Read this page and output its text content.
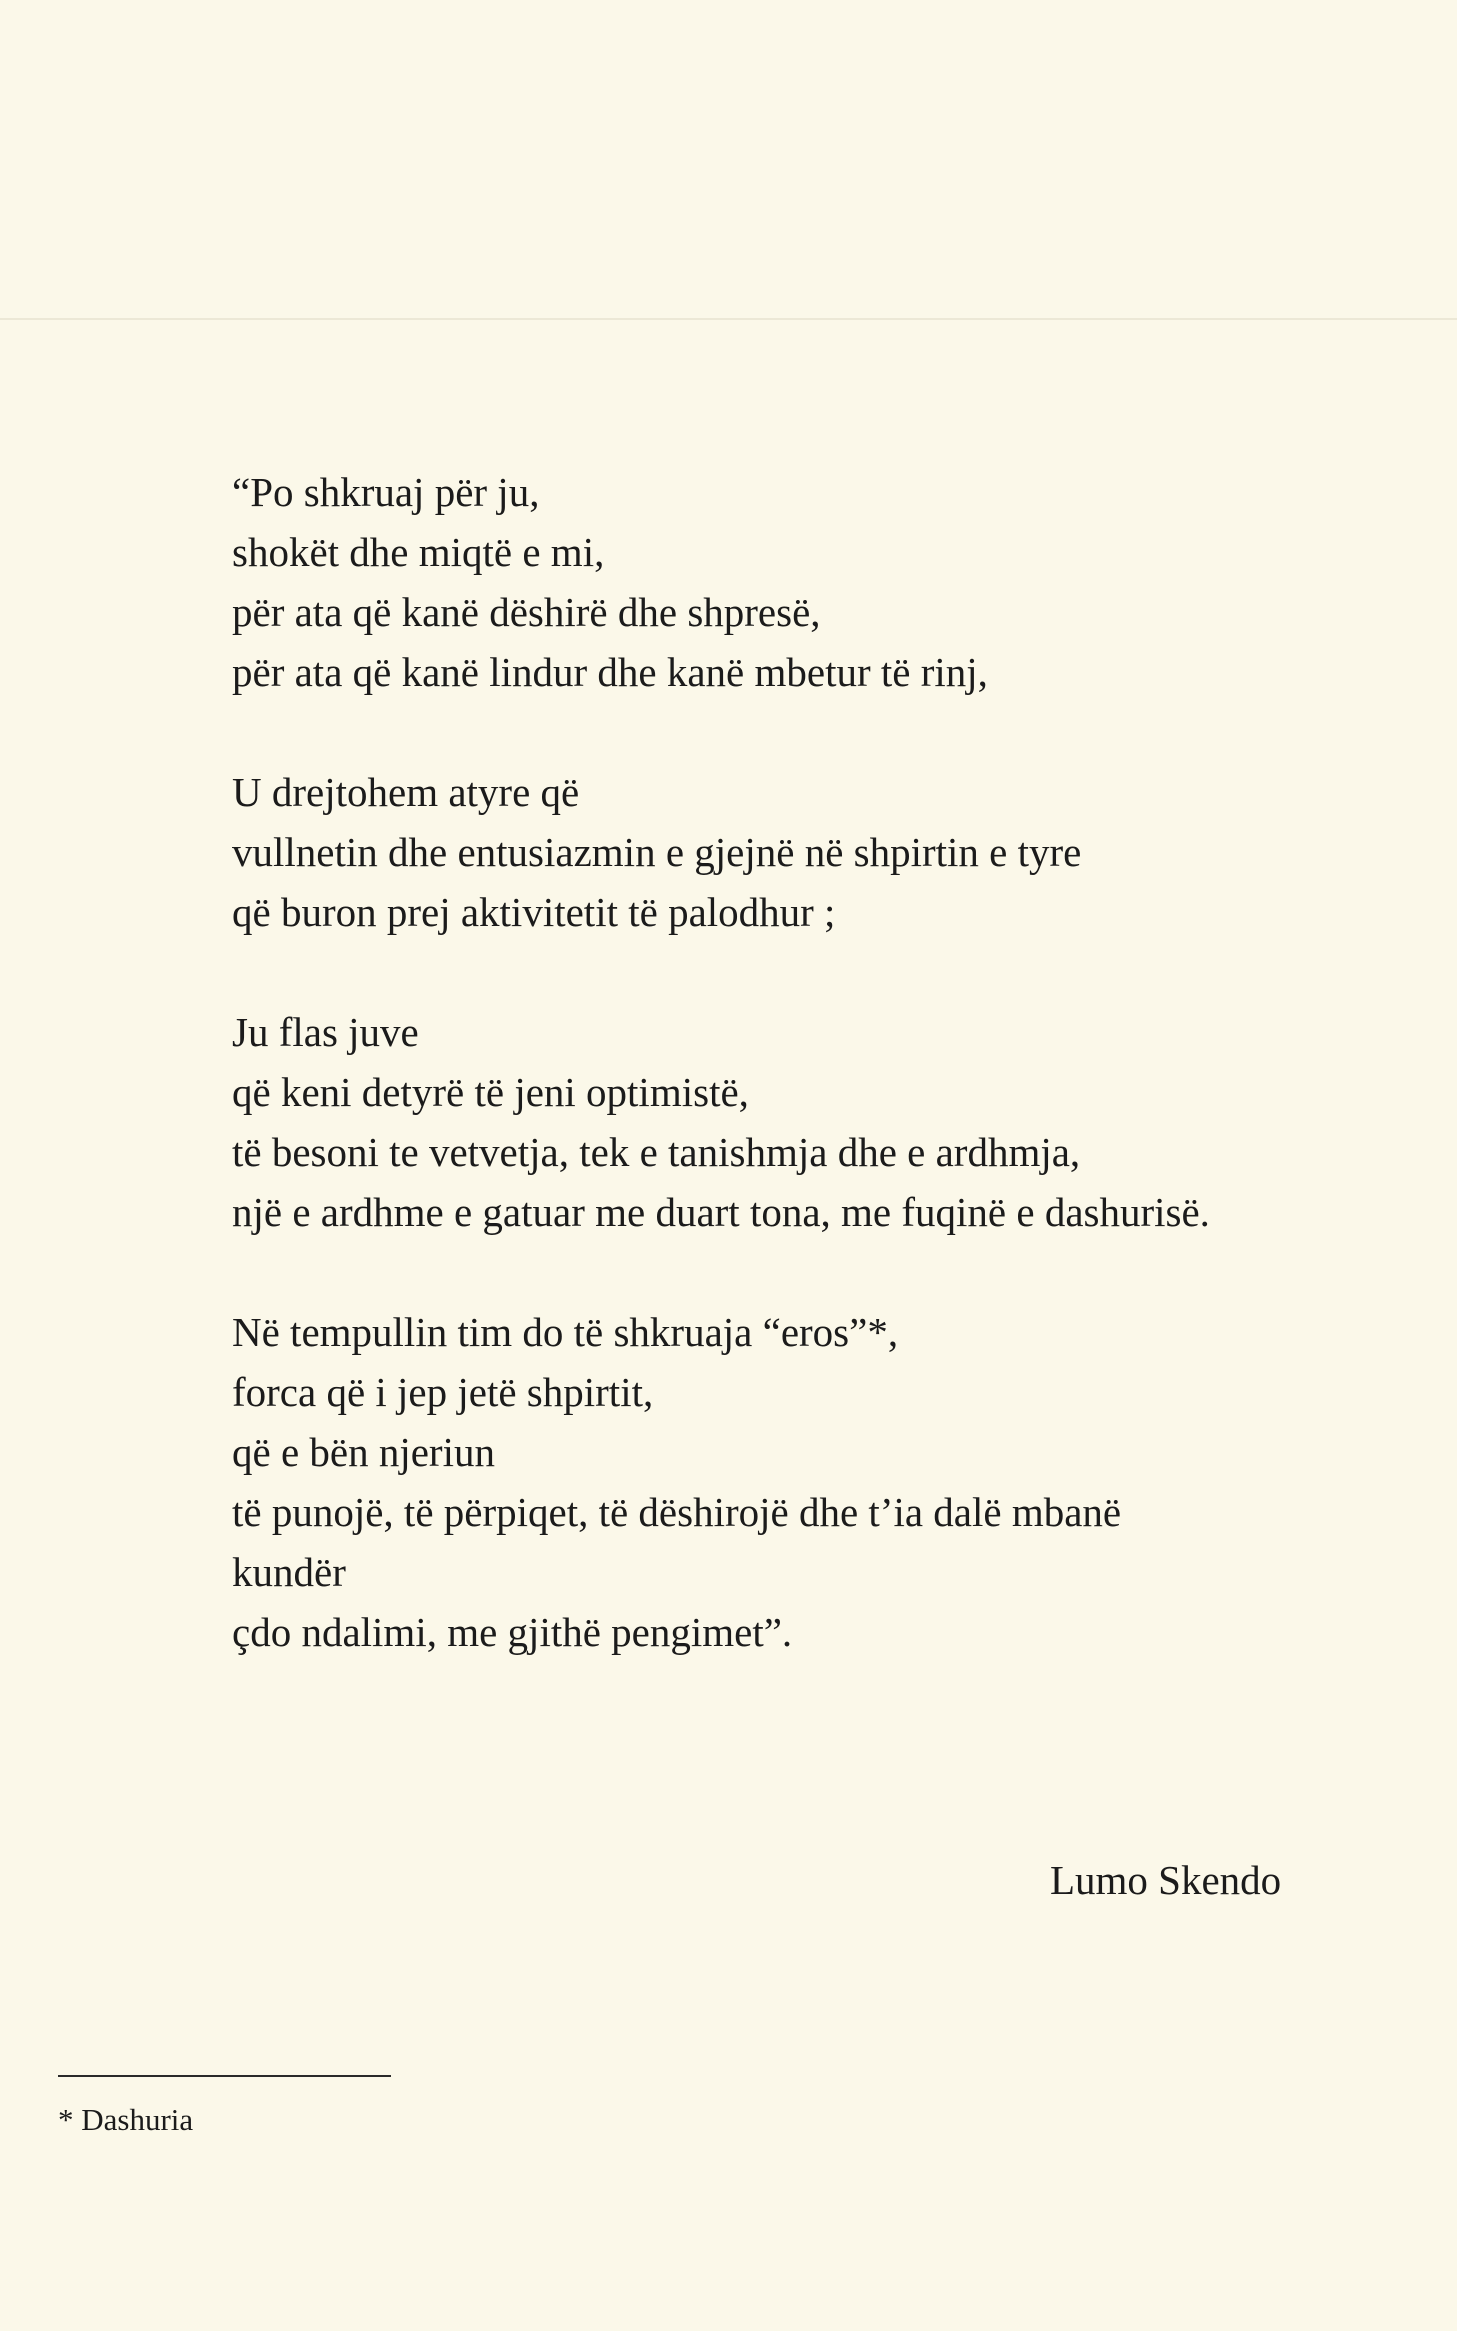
“Po shkruaj për ju,
shokët dhe miqtë e mi,
për ata që kanë dëshirë dhe shpresë,
për ata që kanë lindur dhe kanë mbetur të rinj,
U drejtohem atyre që
vullnetin dhe entusiazmin e gjejnë në shpirtin e tyre
që buron prej aktivitetit të palodhur ;
Ju flas juve
që keni detyrë të jeni optimistë,
të besoni te vetvetja, tek e tanishmja dhe e ardhmja,
një e ardhme e gatuar me duart tona, me fuqinë e dashurisë.
Në tempullin tim do të shkruaja “eros”*,
forca që i jep jetë shpirtit,
që e bën njeriun
të punojë, të përpiqet, të dëshirojë dhe t’ia dalë mbanë
kundër
çdo ndalimi, me gjithë pengimet”.
Lumo Skendo
* Dashuria
